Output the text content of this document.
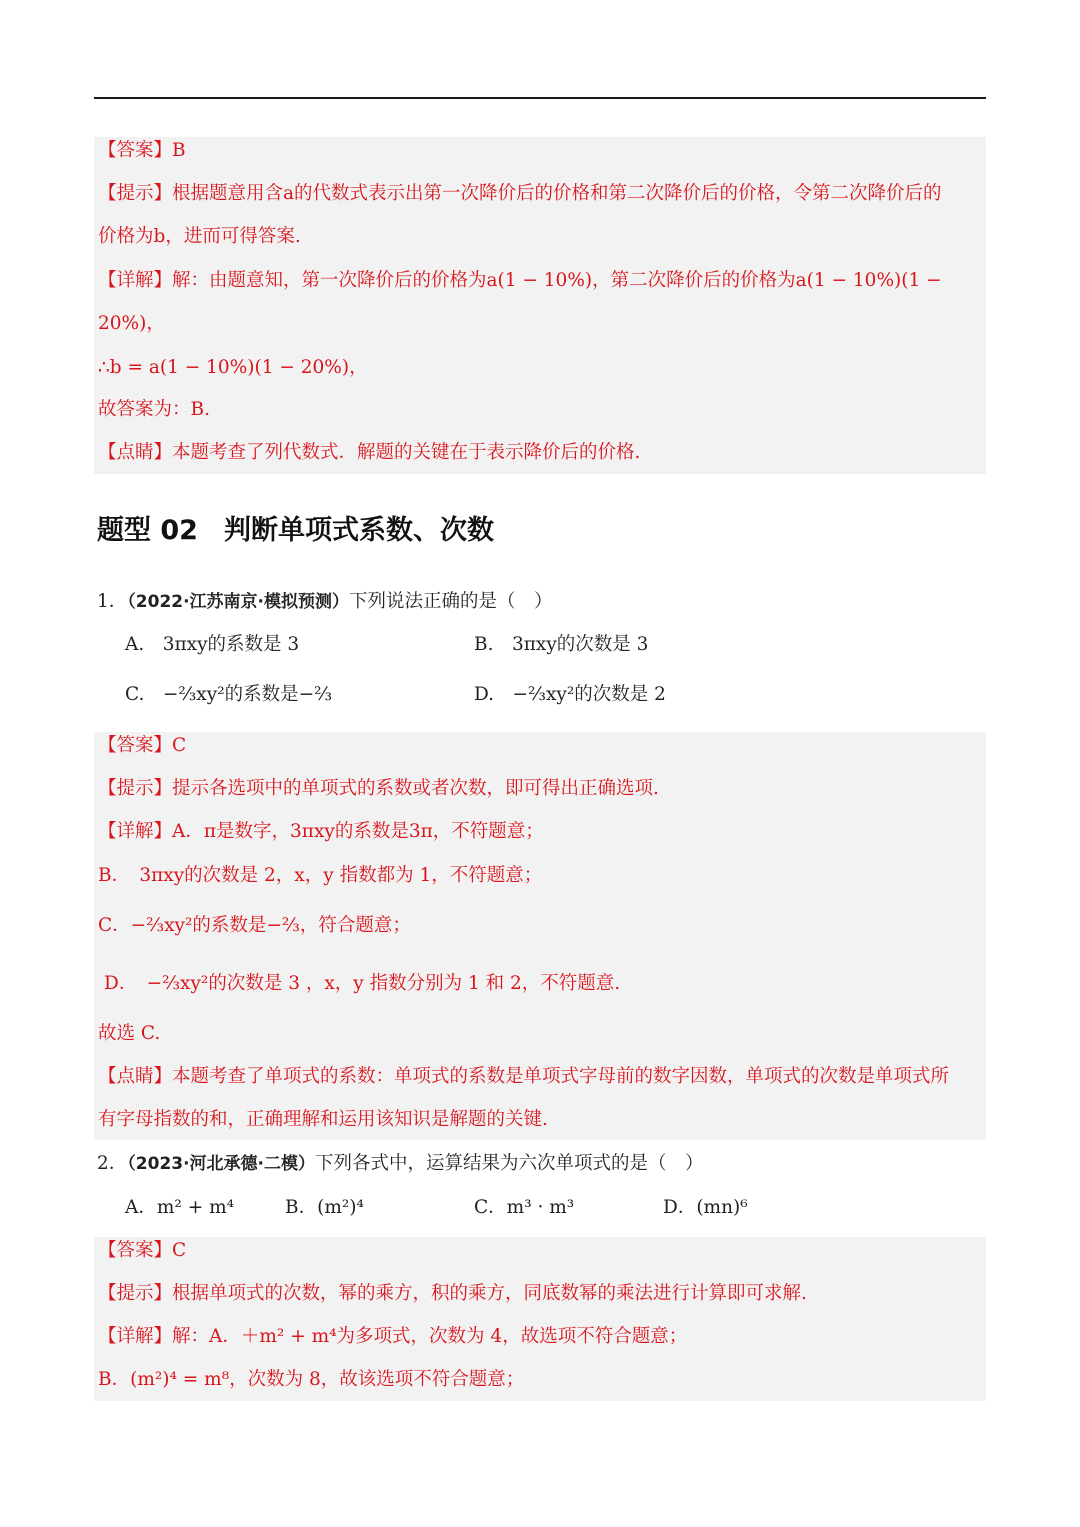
【答案】B
【提示】根据题意用含a的代数式表示出第一次降价后的价格和第二次降价后的价格，令第二次降价后的
价格为b，进而可得答案.
【详解】解：由题意知，第一次降价后的价格为a(1 − 10%)，第二次降价后的价格为a(1 − 10%)(1 −
20%)，
∴b = a(1 − 10%)(1 − 20%)，
故答案为：B.
【点睛】本题考查了列代数式．解题的关键在于表示降价后的价格.
题型 02 判断单项式系数、次数
1．（2022·江苏南京·模拟预测）下列说法正确的是（　）
A.　3πxy的系数是 3	B.　3πxy的次数是 3
C.　−⅔xy²的系数是−⅔	D.　−⅔xy²的次数是 2
【答案】C
【提示】提示各选项中的单项式的系数或者次数，即可得出正确选项.
【详解】A．π是数字，3πxy的系数是3π，不符题意；
B．　3πxy的次数是 2，x，y 指数都为 1，不符题意；
C．−⅔xy²的系数是−⅔，符合题意；
D．　−⅔xy²的次数是 3 ，x，y 指数分别为 1 和 2，不符题意.
故选 C.
【点睛】本题考查了单项式的系数：单项式的系数是单项式字母前的数字因数，单项式的次数是单项式所
有字母指数的和，正确理解和运用该知识是解题的关键.
2．（2023·河北承德·二模）下列各式中，运算结果为六次单项式的是（　）
A．m² + m⁴	B．(m²)⁴	C．m³ · m³	D．(mn)⁶
【答案】C
【提示】根据单项式的次数，幂的乘方，积的乘方，同底数幂的乘法进行计算即可求解.
【详解】解：A．＋m² + m⁴为多项式，次数为 4，故选项不符合题意；
B．(m²)⁴ = m⁸，次数为 8，故该选项不符合题意；
